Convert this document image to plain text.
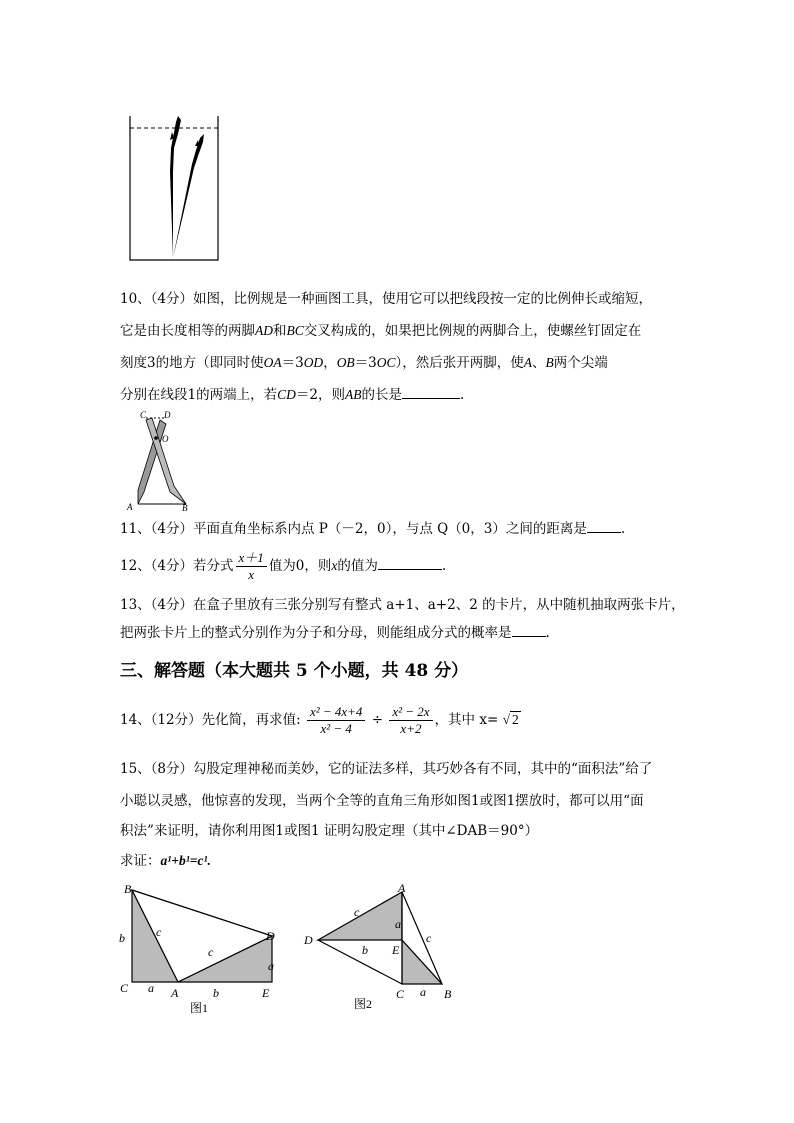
10、（4分）如图，比例规是一种画图工具，使用它可以把线段按一定的比例伸长或缩短，
它是由长度相等的两脚AD和BC交叉构成的，如果把比例规的两脚合上，使螺丝钉固定在
刻度3的地方（即同时使OA＝3OD，OB＝3OC），然后张开两脚，使A、B两个尖端
分别在线段1的两端上，若CD＝2，则AB的长是	.
C D
O
A	B
11、（4分）平面直角坐标系内点 P（－2，0），与点 Q（0，3）之间的距离是	.
12、（4分）若分式 $\frac{x+1}{x}$ 值为0，则x的值为	.
13、（4分）在盒子里放有三张分别写有整式 a+1、a+2、2 的卡片，从中随机抽取两张卡片，
把两张卡片上的整式分别作为分子和分母，则能组成分式的概率是	.
三、解答题（本大题共 5 个小题，共 48 分）
14、（12分）先化简，再求值: $\frac{\text{x² − 4x+4}}{\text{x² − 4}} \div \frac{\text{x² − 2x}}{x+2}$ ，其中 x= √ 2
15、（8分）勾股定理神秘而美妙，它的证法多样，其巧妙各有不同，其中的“面积法”给了
小聪以灵感，他惊喜的发现，当两个全等的直角三角形如图1或图1摆放时，都可以用“面
积法”来证明，请你利用图1或图1 证明勾股定理（其中∠DAB＝90°）
求证：a¹+b¹=c¹.
B
C	A
D
E
a
b	c
c
b
a
图1
A
D
E
C	B
c
a
b
c
a
图2
